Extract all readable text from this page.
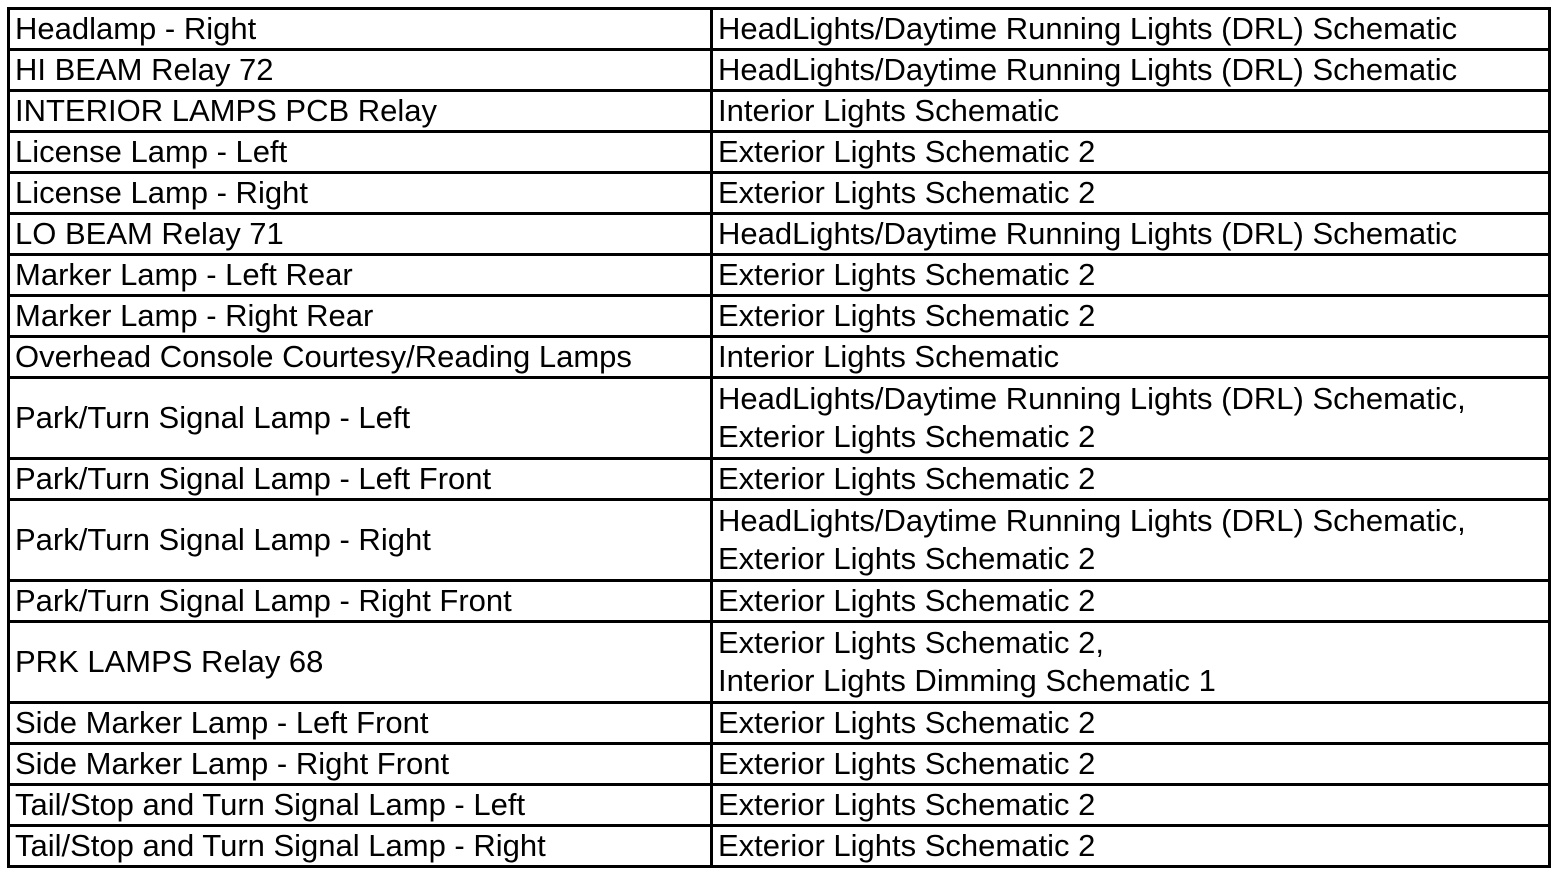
Headlamp - Right	HeadLights/Daytime Running Lights (DRL) Schematic

HI BEAM Relay 72	HeadLights/Daytime Running Lights (DRL) Schematic

INTERIOR LAMPS PCB Relay	Interior Lights Schematic

License Lamp - Left	Exterior Lights Schematic 2

License Lamp - Right	Exterior Lights Schematic 2

LO BEAM Relay 71	HeadLights/Daytime Running Lights (DRL) Schematic

Marker Lamp - Left Rear	Exterior Lights Schematic 2

Marker Lamp - Right Rear	Exterior Lights Schematic 2

Overhead Console Courtesy/Reading Lamps	Interior Lights Schematic

Park/Turn Signal Lamp - Left	HeadLights/Daytime Running Lights (DRL) Schematic,
Exterior Lights Schematic 2

Park/Turn Signal Lamp - Left Front	Exterior Lights Schematic 2

Park/Turn Signal Lamp - Right	HeadLights/Daytime Running Lights (DRL) Schematic,
Exterior Lights Schematic 2

Park/Turn Signal Lamp - Right Front	Exterior Lights Schematic 2

PRK LAMPS Relay 68	Exterior Lights Schematic 2,
Interior Lights Dimming Schematic 1

Side Marker Lamp - Left Front	Exterior Lights Schematic 2

Side Marker Lamp - Right Front	Exterior Lights Schematic 2

Tail/Stop and Turn Signal Lamp - Left	Exterior Lights Schematic 2

Tail/Stop and Turn Signal Lamp - Right	Exterior Lights Schematic 2
